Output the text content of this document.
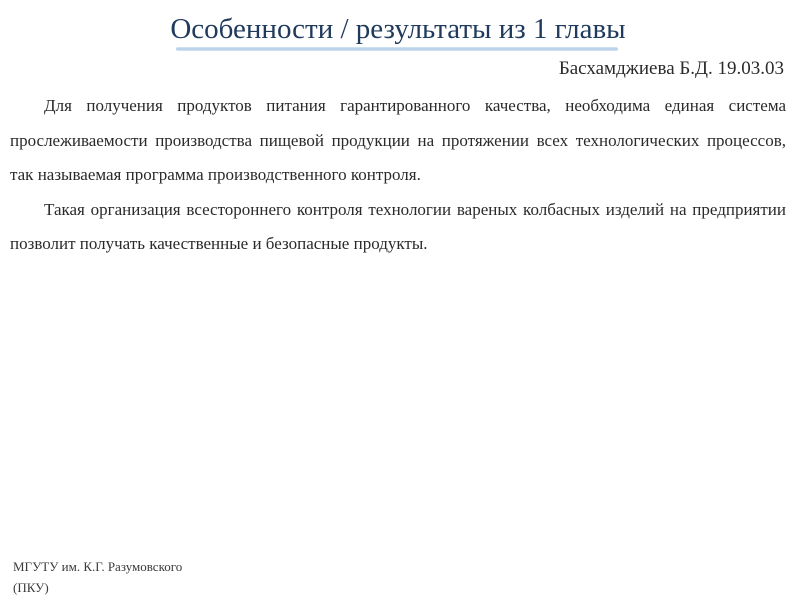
Особенности / результаты из 1 главы
Басхамджиева Б.Д. 19.03.03

Для получения продуктов питания гарантированного качества, необходима единая система прослеживаемости производства пищевой продукции на протяжении всех технологических процессов, так называемая программа производственного контроля.

Такая организация всестороннего контроля технологии вареных колбасных изделий на предприятии позволит получать качественные и безопасные продукты.

МГУТУ им. К.Г. Разумовского
(ПКУ)
